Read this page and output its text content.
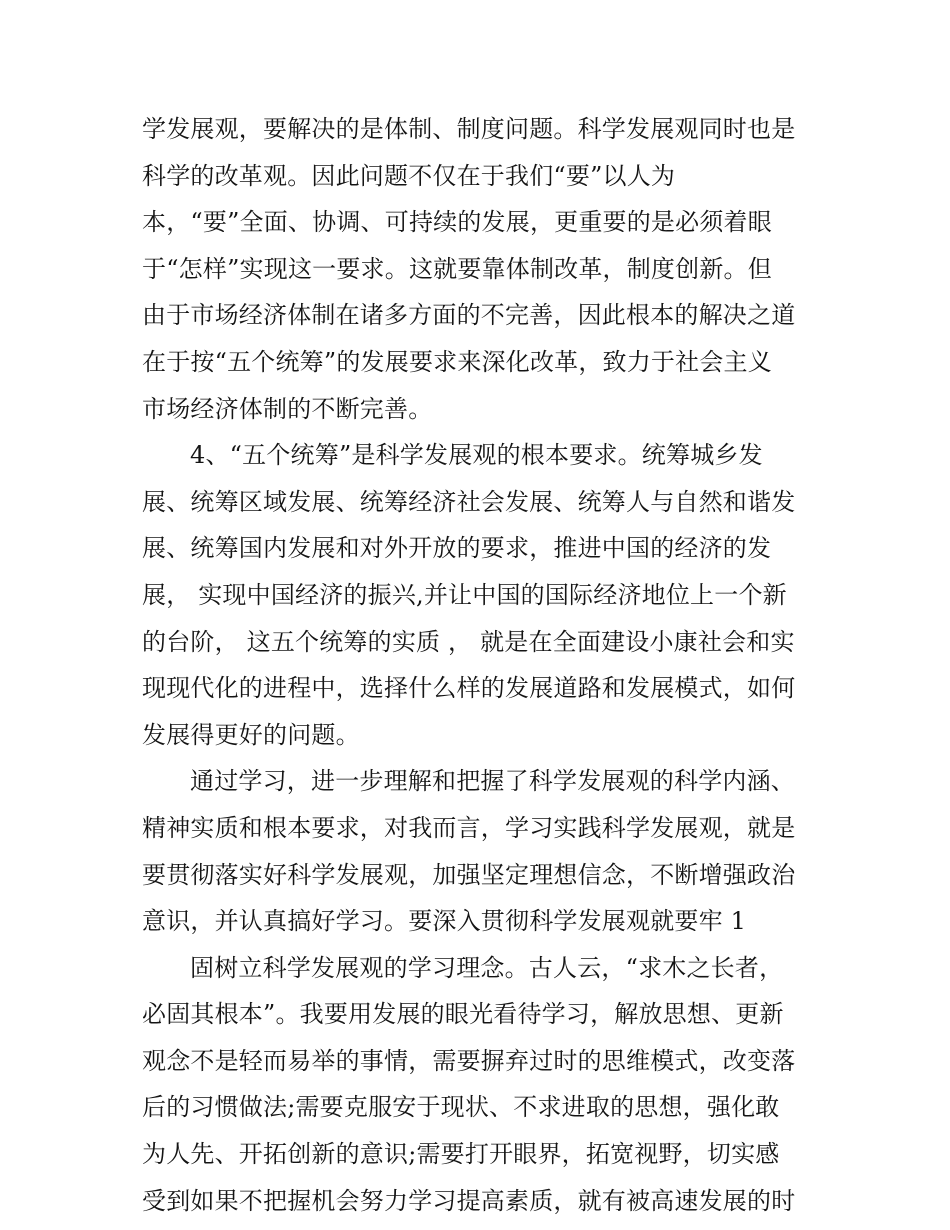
学发展观，要解决的是体制、制度问题。科学发展观同时也是
科学的改革观。因此问题不仅在于我们“要”以人为
本，“要”全面、协调、可持续的发展，更重要的是必须着眼
于“怎样”实现这一要求。这就要靠体制改革，制度创新。但
由于市场经济体制在诸多方面的不完善，因此根本的解决之道
在于按“五个统筹”的发展要求来深化改革，致力于社会主义
市场经济体制的不断完善。
4、“五个统筹”是科学发展观的根本要求。统筹城乡发
展、统筹区域发展、统筹经济社会发展、统筹人与自然和谐发
展、统筹国内发展和对外开放的要求，推进中国的经济的发
展， 实现中国经济的振兴,并让中国的国际经济地位上一个新
的台阶， 这五个统筹的实质 ， 就是在全面建设小康社会和实
现现代化的进程中，选择什么样的发展道路和发展模式，如何
发展得更好的问题。
通过学习，进一步理解和把握了科学发展观的科学内涵、
精神实质和根本要求，对我而言，学习实践科学发展观，就是
要贯彻落实好科学发展观，加强坚定理想信念，不断增强政治
意识，并认真搞好学习。要深入贯彻科学发展观就要牢 1
固树立科学发展观的学习理念。古人云，“求木之长者，
必固其根本”。我要用发展的眼光看待学习，解放思想、更新
观念不是轻而易举的事情，需要摒弃过时的思维模式，改变落
后的习惯做法;需要克服安于现状、不求进取的思想，强化敢
为人先、开拓创新的意识;需要打开眼界，拓宽视野，切实感
受到如果不把握机会努力学习提高素质，就有被高速发展的时
